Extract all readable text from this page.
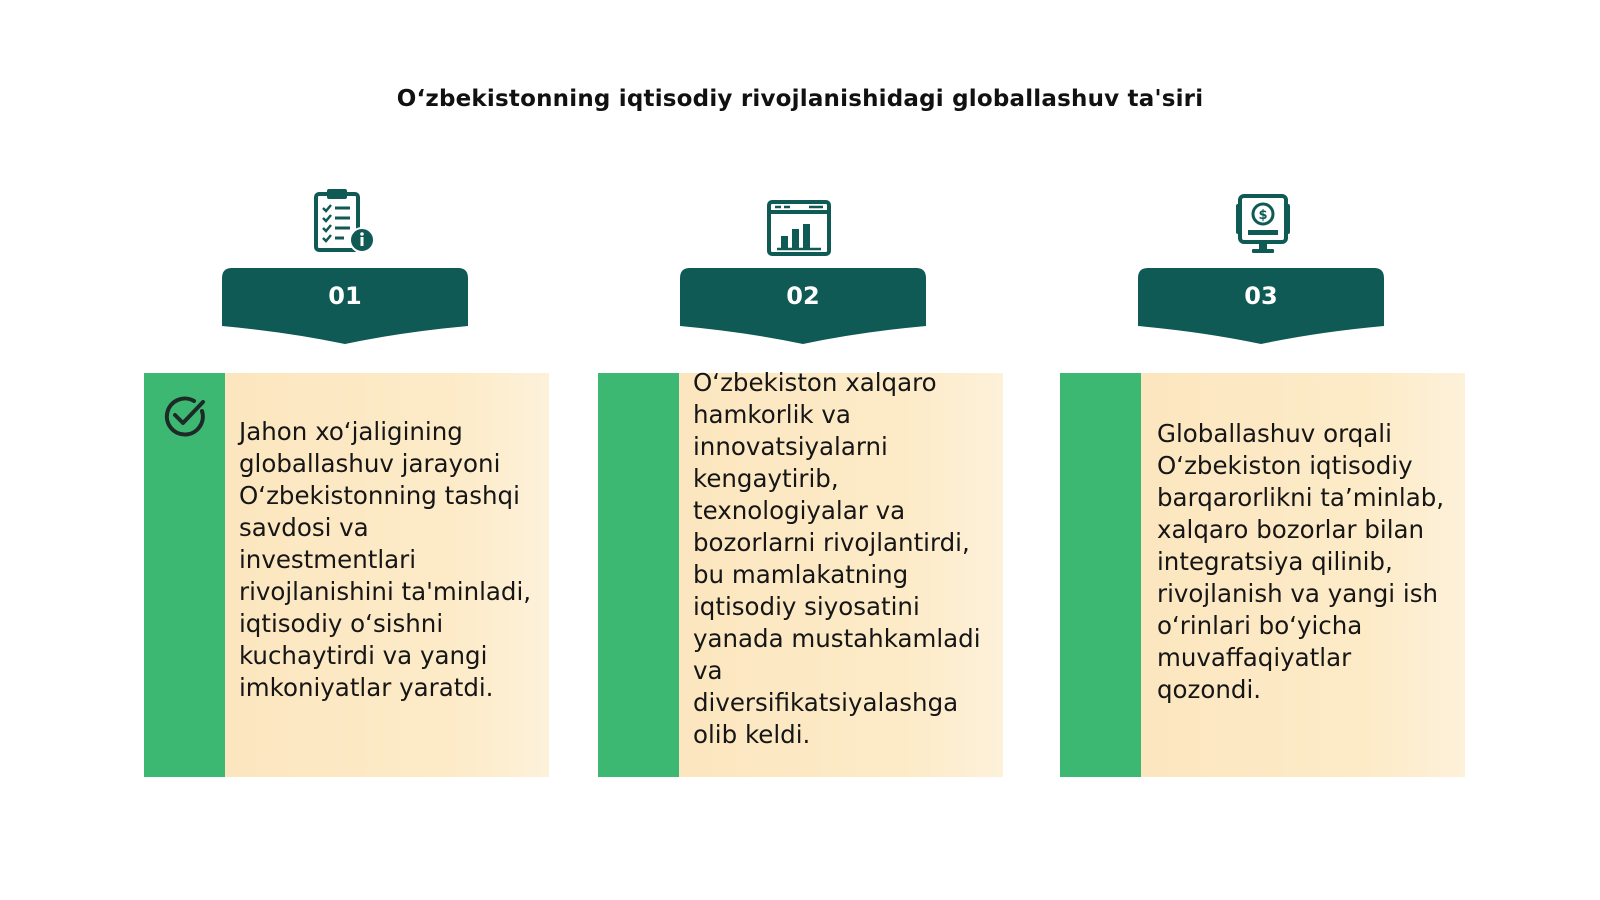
O‘zbekistonning iqtisodiy rivojlanishidagi globallashuv ta'siri
01

Jahon xo‘jaligining globallashuv jarayoni O‘zbekistonning tashqi savdosi va investmentlari rivojlanishini ta'minladi, iqtisodiy o‘sishni kuchaytirdi va yangi imkoniyatlar yaratdi.

02

O‘zbekiston xalqaro hamkorlik va innovatsiyalarni kengaytirib, texnologiyalar va bozorlarni rivojlantirdi, bu mamlakatning iqtisodiy siyosatini yanada mustahkamladi va diversifikatsiyalashga olib keldi.

$
03

Globallashuv orqali O‘zbekiston iqtisodiy barqarorlikni ta’minlab, xalqaro bozorlar bilan integratsiya qilinib, rivojlanish va yangi ish o‘rinlari bo‘yicha muvaffaqiyatlar qozondi.
